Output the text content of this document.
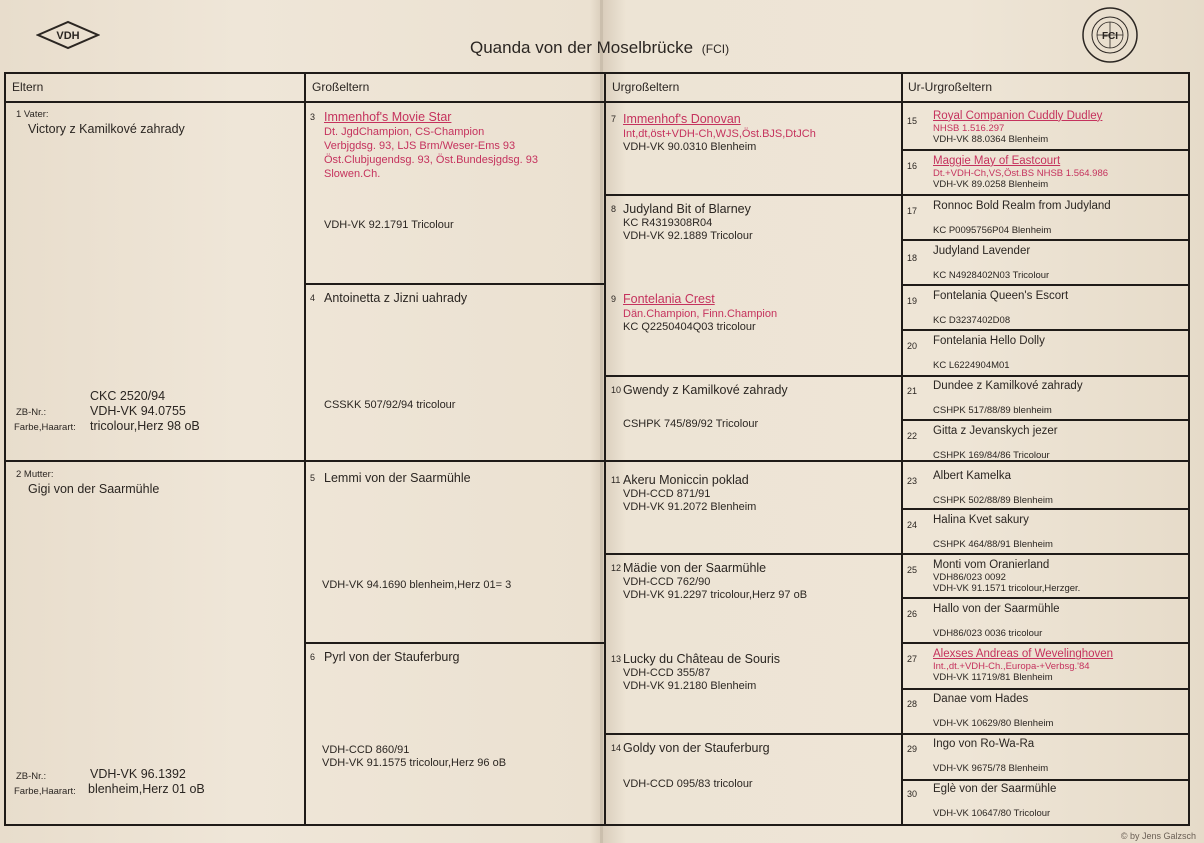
VDH
Quanda von der Moselbrücke (FCI)
FCI
© by Jens Galzsch
Eltern	Großeltern	Urgroßeltern	Ur-Urgroßeltern
1 Vater:
Victory z Kamilkové zahrady
CKC 2520/94
ZB-Nr.:	VDH-VK 94.0755
Farbe,Haarart: tricolour,Herz 98 oB
2 Mutter:
Gigi von der Saarmühle
ZB-Nr.:	VDH-VK 96.1392
Farbe,Haarart: blenheim,Herz 01 oB
3 Immenhof's Movie Star
Dt. JgdChampion, CS-Champion
Verbjgdsg. 93, LJS Brm/Weser-Ems 93
Öst.Clubjugendsg. 93, Öst.Bundesjgdsg. 93
Slowen.Ch.
VDH-VK 92.1791 Tricolour
4 Antoinetta z Jizni uahrady
CSSKK 507/92/94 tricolour
5 Lemmi von der Saarmühle
VDH-VK 94.1690 blenheim,Herz 01= 3
6 Pyrl von der Stauferburg
VDH-CCD 860/91
VDH-VK 91.1575 tricolour,Herz 96 oB
7 Immenhof's Donovan
Int,dt,öst+VDH-Ch,WJS,Öst.BJS,DtJCh
VDH-VK 90.0310 Blenheim
8 Judyland Bit of Blarney
KC R4319308R04
VDH-VK 92.1889 Tricolour
9 Fontelania Crest
Dän.Champion, Finn.Champion
KC Q2250404Q03 tricolour
10 Gwendy z Kamilkové zahrady
CSHPK 745/89/92 Tricolour
11 Akeru Moniccin poklad
VDH-CCD 871/91
VDH-VK 91.2072 Blenheim
12 Mädie von der Saarmühle
VDH-CCD 762/90
VDH-VK 91.2297 tricolour,Herz 97 oB
13 Lucky du Château de Souris
VDH-CCD 355/87
VDH-VK 91.2180 Blenheim
14 Goldy von der Stauferburg
VDH-CCD 095/83 tricolour
15 Royal Companion Cuddly Dudley
NHSB 1.516.297
VDH-VK 88.0364 Blenheim
16 Maggie May of Eastcourt
Dt.+VDH-Ch,VS,Öst.BS NHSB 1.564.986
VDH-VK 89.0258 Blenheim
17 Ronnoc Bold Realm from Judyland
KC P0095756P04 Blenheim
18
Judyland Lavender
KC N4928402N03 Tricolour
19 Fontelania Queen's Escort
KC D3237402D08
20 Fontelania Hello Dolly
KC L6224904M01
21 Dundee z Kamilkové zahrady
CSHPK 517/88/89 blenheim
22 Gitta z Jevanskych jezer
CSHPK 169/84/86 Tricolour
23 Albert Kamelka
CSHPK 502/88/89 Blenheim
24 Halina Kvet sakury
CSHPK 464/88/91 Blenheim
25 Monti vom Oranierland
VDH86/023 0092
VDH-VK 91.1571 tricolour,Herzger.
26 Hallo von der Saarmühle
VDH86/023 0036 tricolour
27 Alexses Andreas of Wevelinghoven
Int.,dt.+VDH-Ch.,Europa-+Verbsg.'84
VDH-VK 11719/81 Blenheim
28 Danae vom Hades
VDH-VK 10629/80 Blenheim
29 Ingo von Ro-Wa-Ra
VDH-VK 9675/78 Blenheim
30 Eglè von der Saarmühle
VDH-VK 10647/80 Tricolour
